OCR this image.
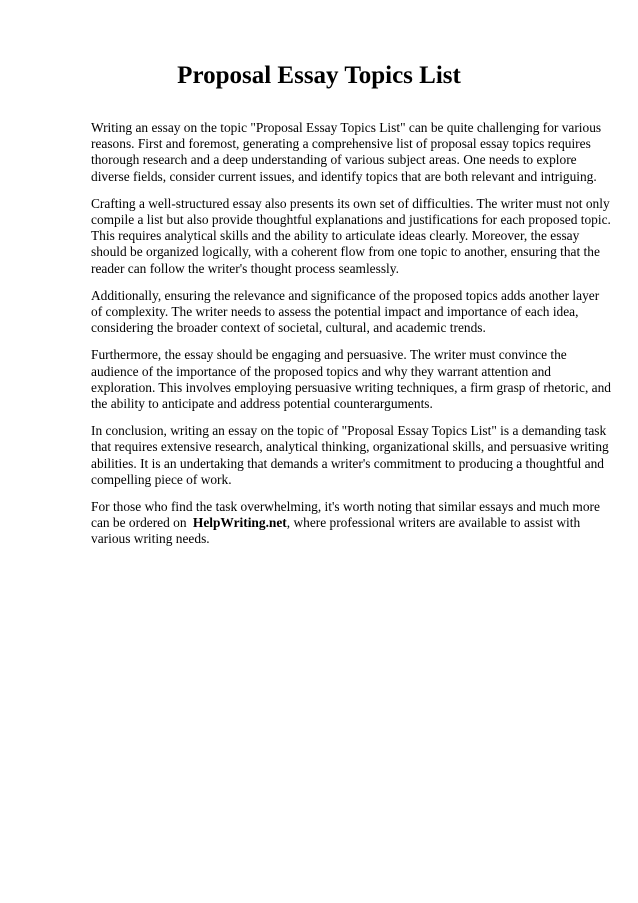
Proposal Essay Topics List

Writing an essay on the topic "Proposal Essay Topics List" can be quite challenging for various
reasons. First and foremost, generating a comprehensive list of proposal essay topics requires
thorough research and a deep understanding of various subject areas. One needs to explore
diverse fields, consider current issues, and identify topics that are both relevant and intriguing.

Crafting a well-structured essay also presents its own set of difficulties. The writer must not only
compile a list but also provide thoughtful explanations and justifications for each proposed topic.
This requires analytical skills and the ability to articulate ideas clearly. Moreover, the essay
should be organized logically, with a coherent flow from one topic to another, ensuring that the
reader can follow the writer's thought process seamlessly.

Additionally, ensuring the relevance and significance of the proposed topics adds another layer
of complexity. The writer needs to assess the potential impact and importance of each idea,
considering the broader context of societal, cultural, and academic trends.

Furthermore, the essay should be engaging and persuasive. The writer must convince the
audience of the importance of the proposed topics and why they warrant attention and
exploration. This involves employing persuasive writing techniques, a firm grasp of rhetoric, and
the ability to anticipate and address potential counterarguments.

In conclusion, writing an essay on the topic of "Proposal Essay Topics List" is a demanding task
that requires extensive research, analytical thinking, organizational skills, and persuasive writing
abilities. It is an undertaking that demands a writer's commitment to producing a thoughtful and
compelling piece of work.

For those who find the task overwhelming, it's worth noting that similar essays and much more
can be ordered on HelpWriting.net, where professional writers are available to assist with
various writing needs.
